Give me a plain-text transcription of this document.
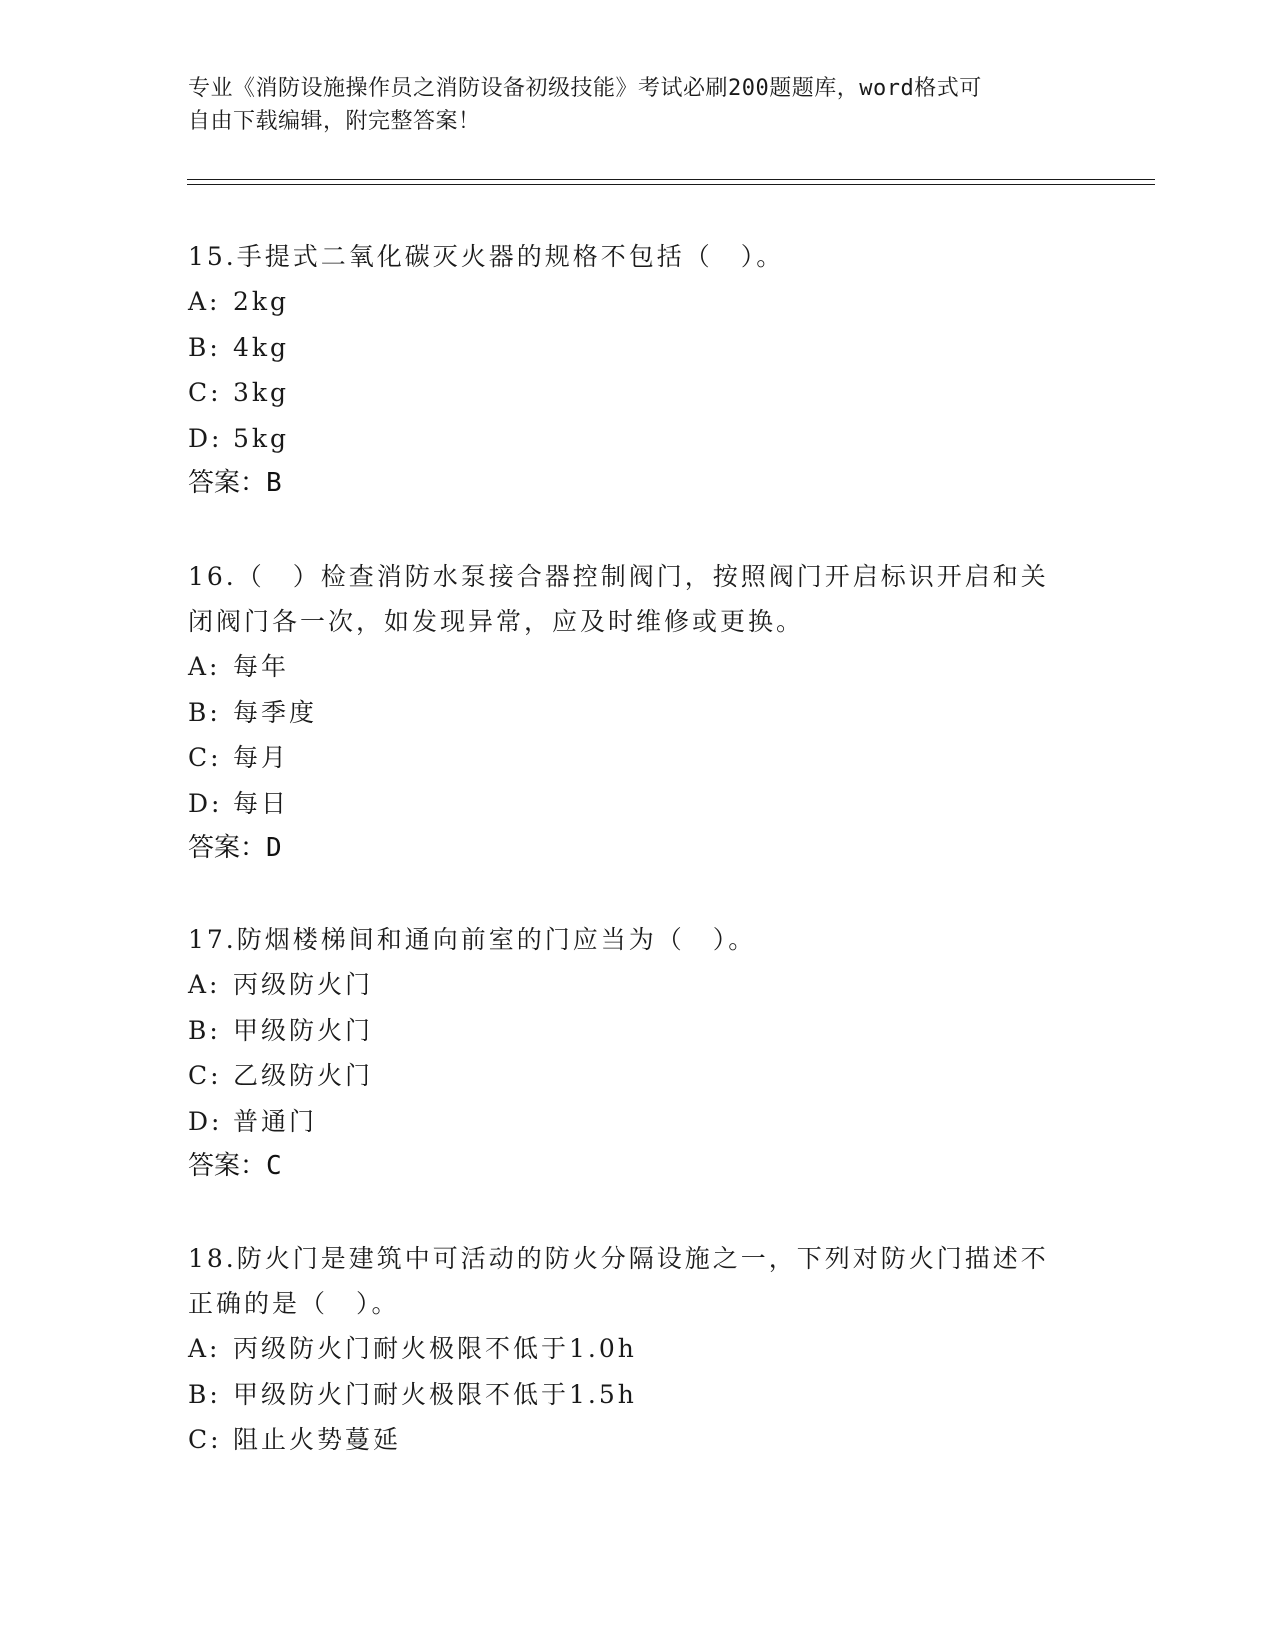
专业《消防设施操作员之消防设备初级技能》考试必刷200题题库，word格式可
自由下载编辑，附完整答案！

15.手提式二氧化碳灭火器的规格不包括（　）。

A: 2kg

B: 4kg

C: 3kg

D: 5kg

答案：B

16.（　）检查消防水泵接合器控制阀门，按照阀门开启标识开启和关

闭阀门各一次，如发现异常，应及时维修或更换。

A: 每年

B: 每季度

C: 每月

D: 每日

答案：D

17.防烟楼梯间和通向前室的门应当为（　）。

A: 丙级防火门

B: 甲级防火门

C: 乙级防火门

D: 普通门

答案：C

18.防火门是建筑中可活动的防火分隔设施之一，下列对防火门描述不

正确的是（　）。

A: 丙级防火门耐火极限不低于1.0h

B: 甲级防火门耐火极限不低于1.5h

C: 阻止火势蔓延
